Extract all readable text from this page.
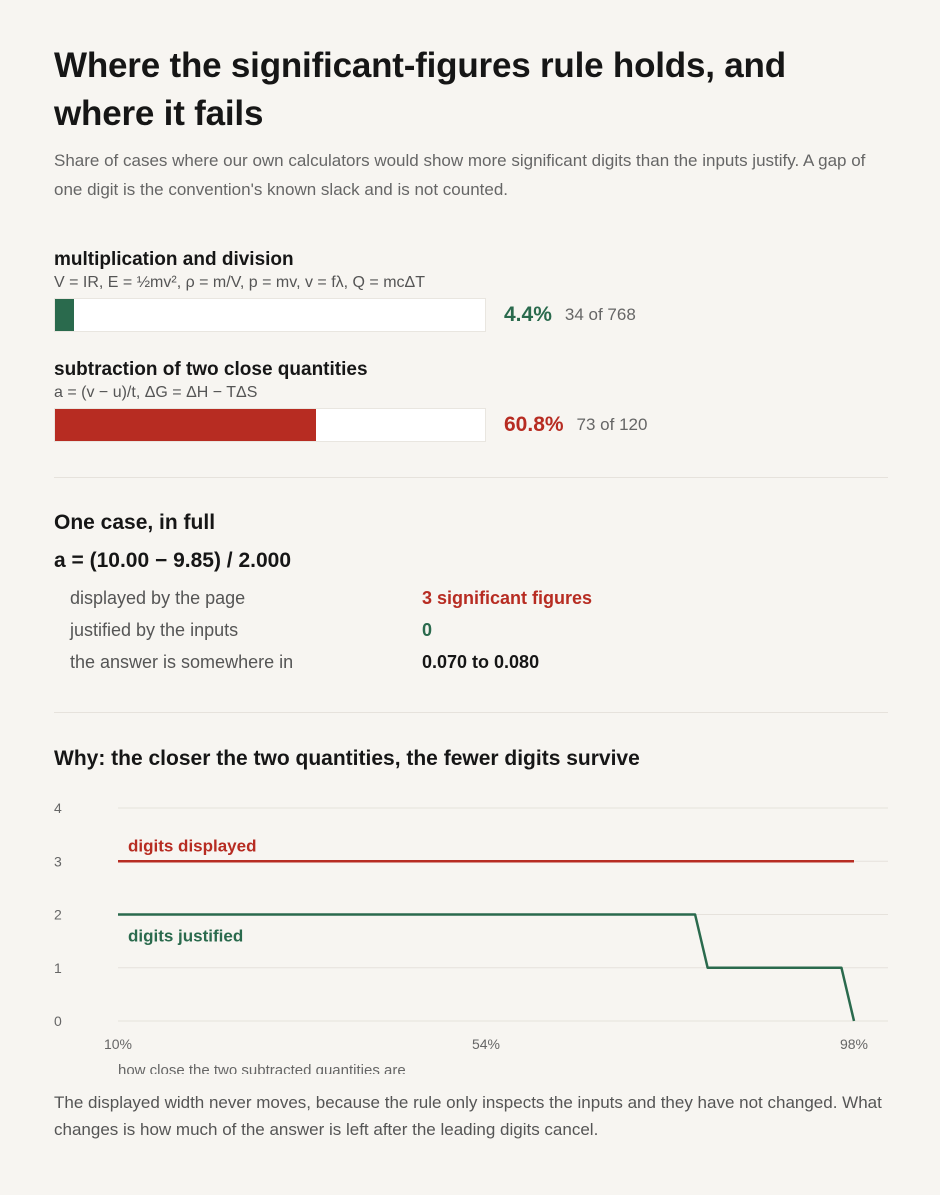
Where the significant-figures rule holds, and where it fails

Share of cases where our own calculators would show more significant digits than the inputs justify. A gap of one digit is the convention's known slack and is not counted.

multiplication and division
V = IR, E = ½mv², ρ = m/V, p = mv, v = fλ, Q = mcΔT
4.4% 34 of 768
subtraction of two close quantities
a = (v − u)/t, ΔG = ΔH − TΔS
60.8% 73 of 120
One case, in full
a = (10.00 − 9.85) / 2.000
displayed by the page	3 significant figures
justified by the inputs	0
the answer is somewhere in	0.070 to 0.080
Why: the closer the two quantities, the fewer digits survive
0
1
2
3
4
10%	54%	98%
how close the two subtracted quantities are
digits displayed
digits justified

The displayed width never moves, because the rule only inspects the inputs and they have not changed. What changes is how much of the answer is left after the leading digits cancel.
